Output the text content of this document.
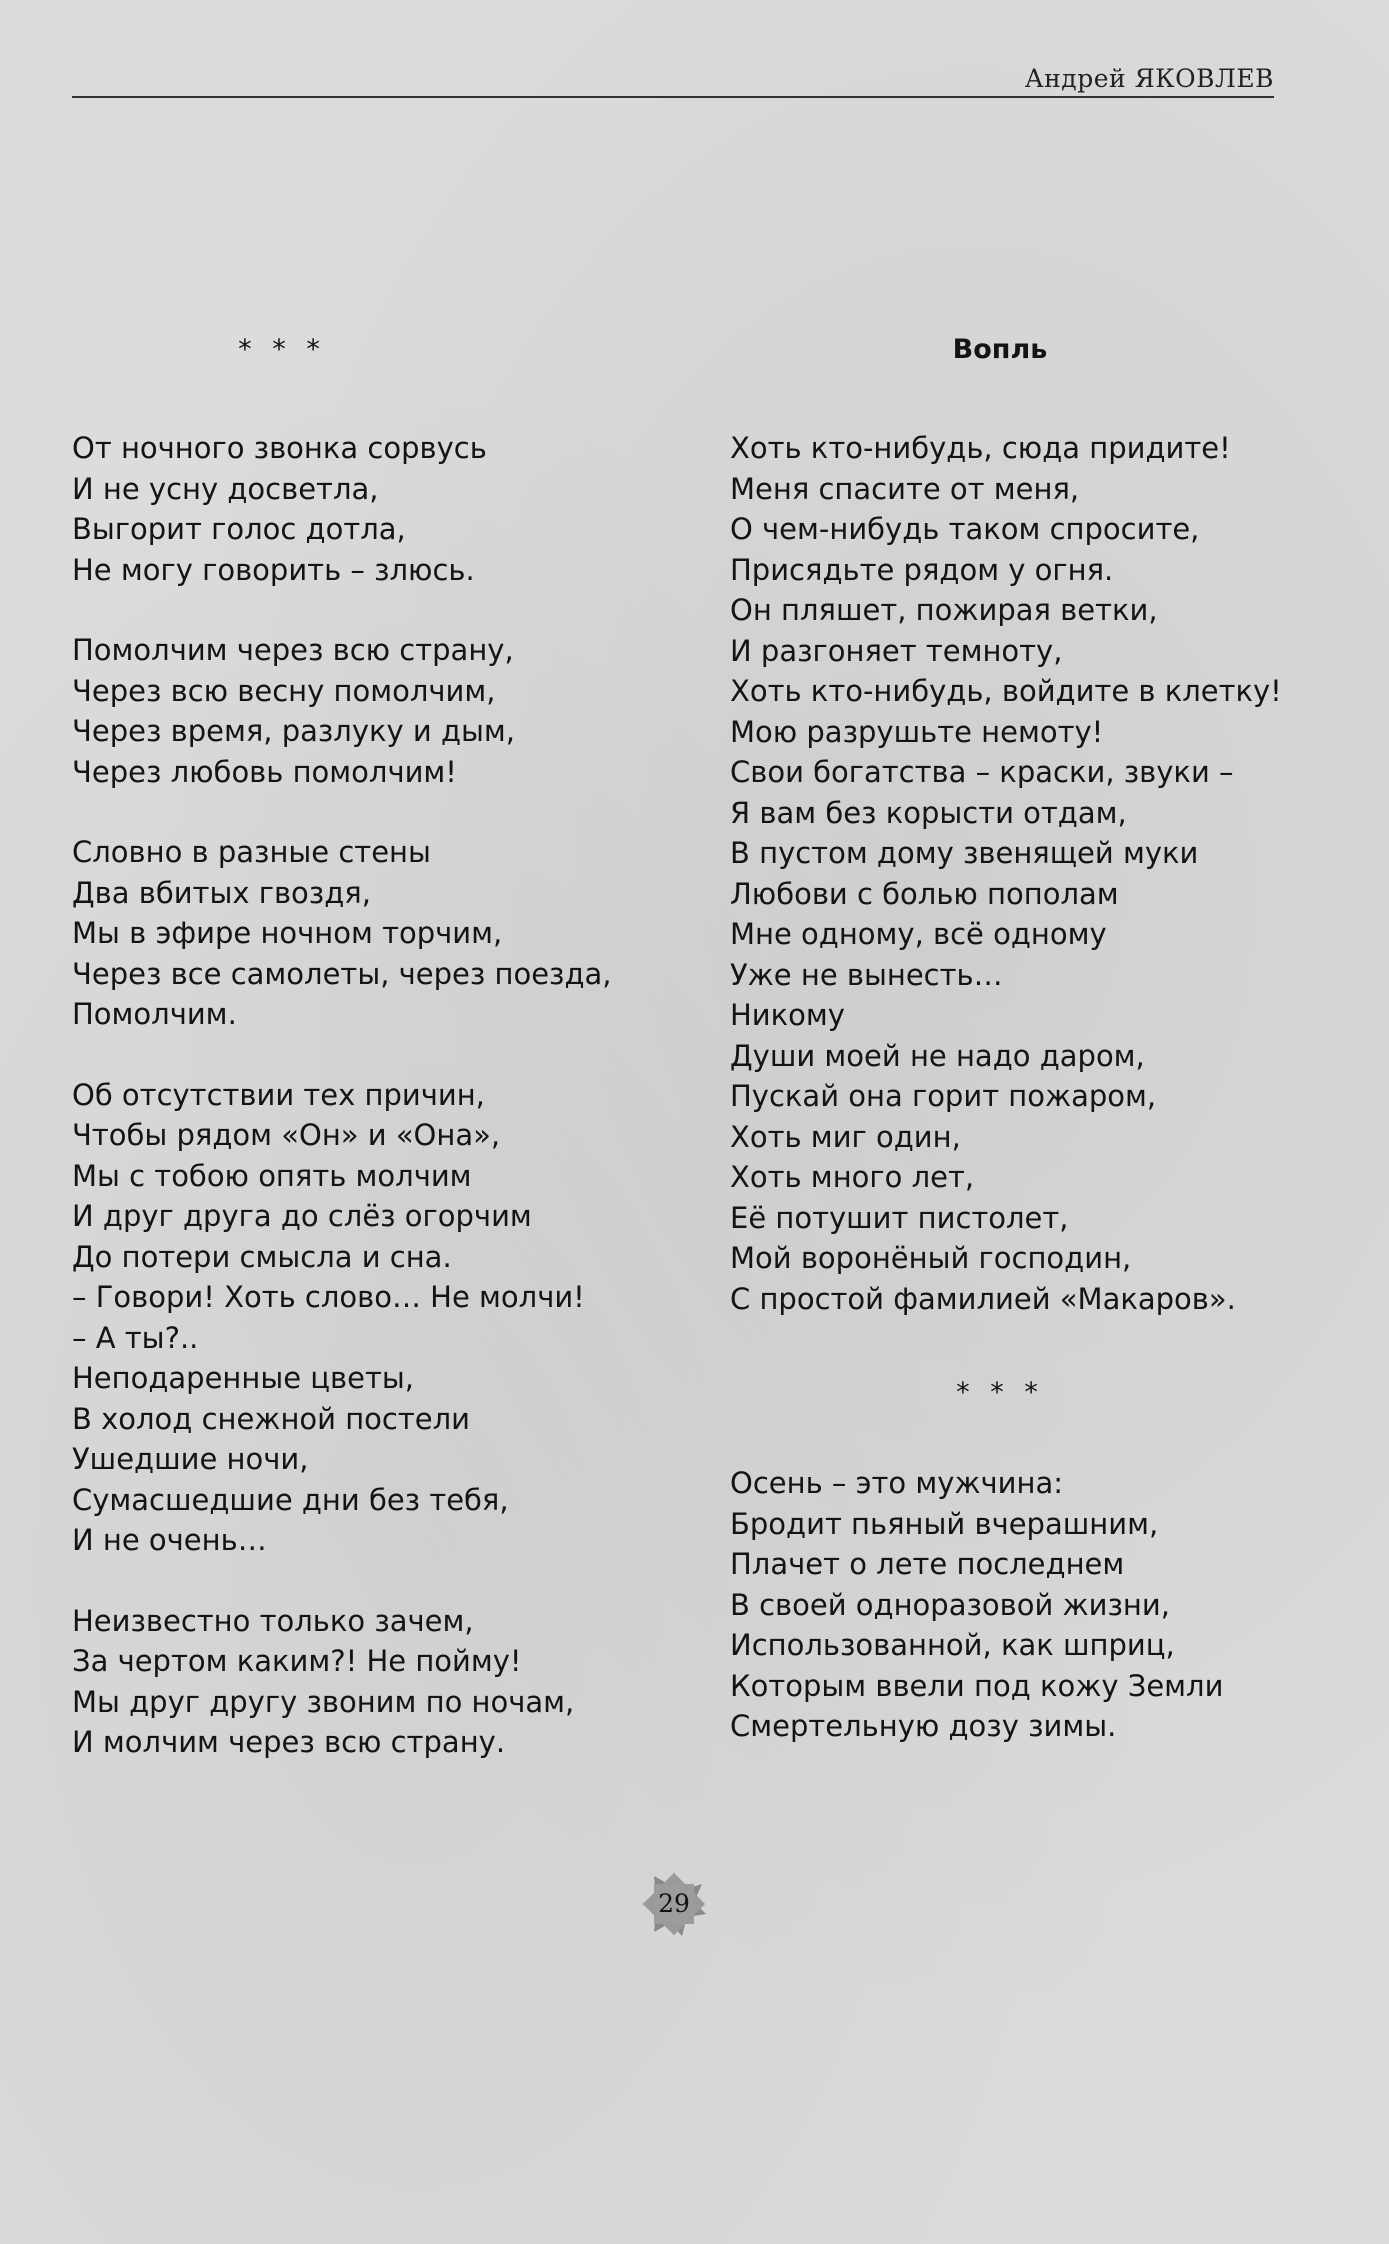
Андрей ЯКОВЛЕВ
* * *
От ночного звонка сорвусь
И не усну досветла,
Выгорит голос дотла,
Не могу говорить – злюсь.
Помолчим через всю страну,
Через всю весну помолчим,
Через время, разлуку и дым,
Через любовь помолчим!
Словно в разные стены
Два вбитых гвоздя,
Мы в эфире ночном торчим,
Через все самолеты, через поезда,
Помолчим.
Об отсутствии тех причин,
Чтобы рядом «Он» и «Она»,
Мы с тобою опять молчим
И друг друга до слёз огорчим
До потери смысла и сна.
– Говори! Хоть слово… Не молчи!
– А ты?..
Неподаренные цветы,
В холод снежной постели
Ушедшие ночи,
Сумасшедшие дни без тебя,
И не очень…
Неизвестно только зачем,
За чертом каким?! Не пойму!
Мы друг другу звоним по ночам,
И молчим через всю страну.
Вопль
Хоть кто-нибудь, сюда придите!
Меня спасите от меня,
О чем-нибудь таком спросите,
Присядьте рядом у огня.
Он пляшет, пожирая ветки,
И разгоняет темноту,
Хоть кто-нибудь, войдите в клетку!
Мою разрушьте немоту!
Свои богатства – краски, звуки –
Я вам без корысти отдам,
В пустом дому звенящей муки
Любови с болью пополам
Мне одному, всё одному
Уже не вынесть…
Никому
Души моей не надо даром,
Пускай она горит пожаром,
Хоть миг один,
Хоть много лет,
Её потушит пистолет,
Мой воронёный господин,
С простой фамилией «Макаров».
* * *
Осень – это мужчина:
Бродит пьяный вчерашним,
Плачет о лете последнем
В своей одноразовой жизни,
Использованной, как шприц,
Которым ввели под кожу Земли
Смертельную дозу зимы.
29
